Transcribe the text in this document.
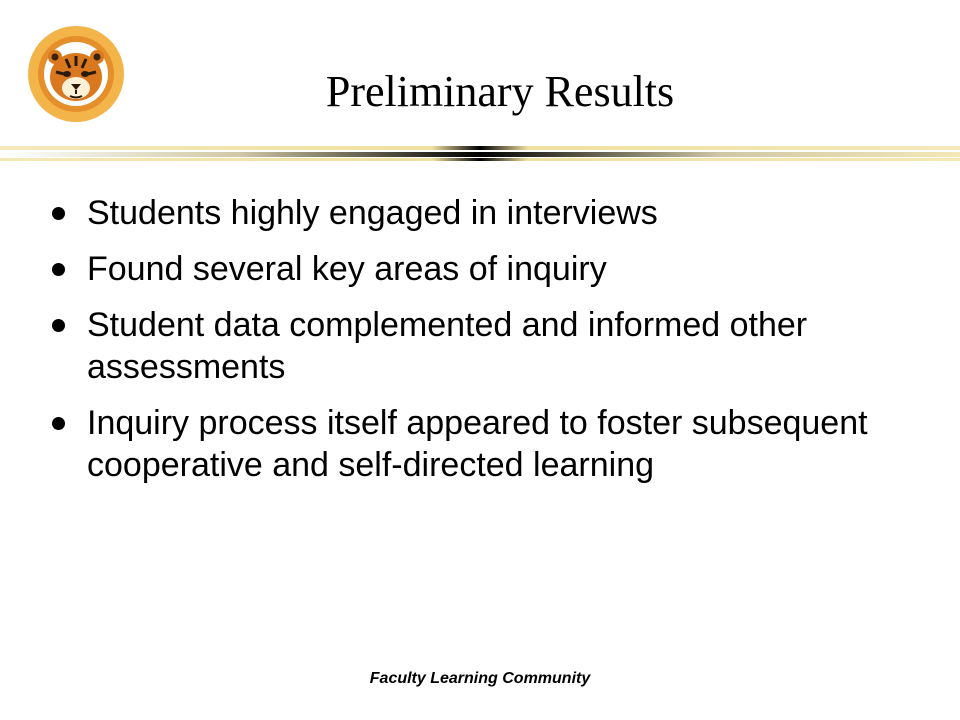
Preliminary Results
Students highly engaged in interviews
Found several key areas of inquiry
Student data complemented and informed other assessments
Inquiry process itself appeared to foster subsequent cooperative and self-directed learning
Faculty Learning Community
